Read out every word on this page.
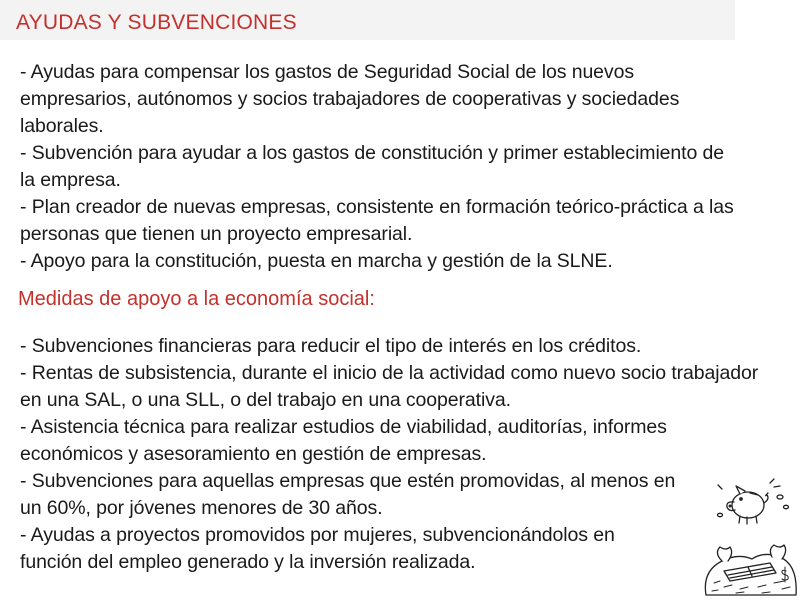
AYUDAS Y SUBVENCIONES
- Ayudas para compensar los gastos de Seguridad Social de los nuevos empresarios, autónomos y socios trabajadores de cooperativas y sociedades laborales.
- Subvención para ayudar a los gastos de constitución y primer establecimiento de la empresa.
- Plan creador de nuevas empresas, consistente en formación teórico-práctica a las personas que tienen un proyecto empresarial.
- Apoyo para la constitución, puesta en marcha y gestión de la SLNE.
Medidas de apoyo a la economía social:
- Subvenciones financieras para reducir el tipo de interés en los créditos.
- Rentas de subsistencia, durante el inicio de la actividad como nuevo socio trabajador en una SAL, o una SLL, o del trabajo en una cooperativa.
- Asistencia técnica para realizar estudios de viabilidad, auditorías, informes económicos y asesoramiento en gestión de empresas.
- Subvenciones para aquellas empresas que estén promovidas, al menos en un 60%, por jóvenes menores de 30 años.
- Ayudas a proyectos promovidos por mujeres, subvencionándolos en función del empleo generado y la inversión realizada.
